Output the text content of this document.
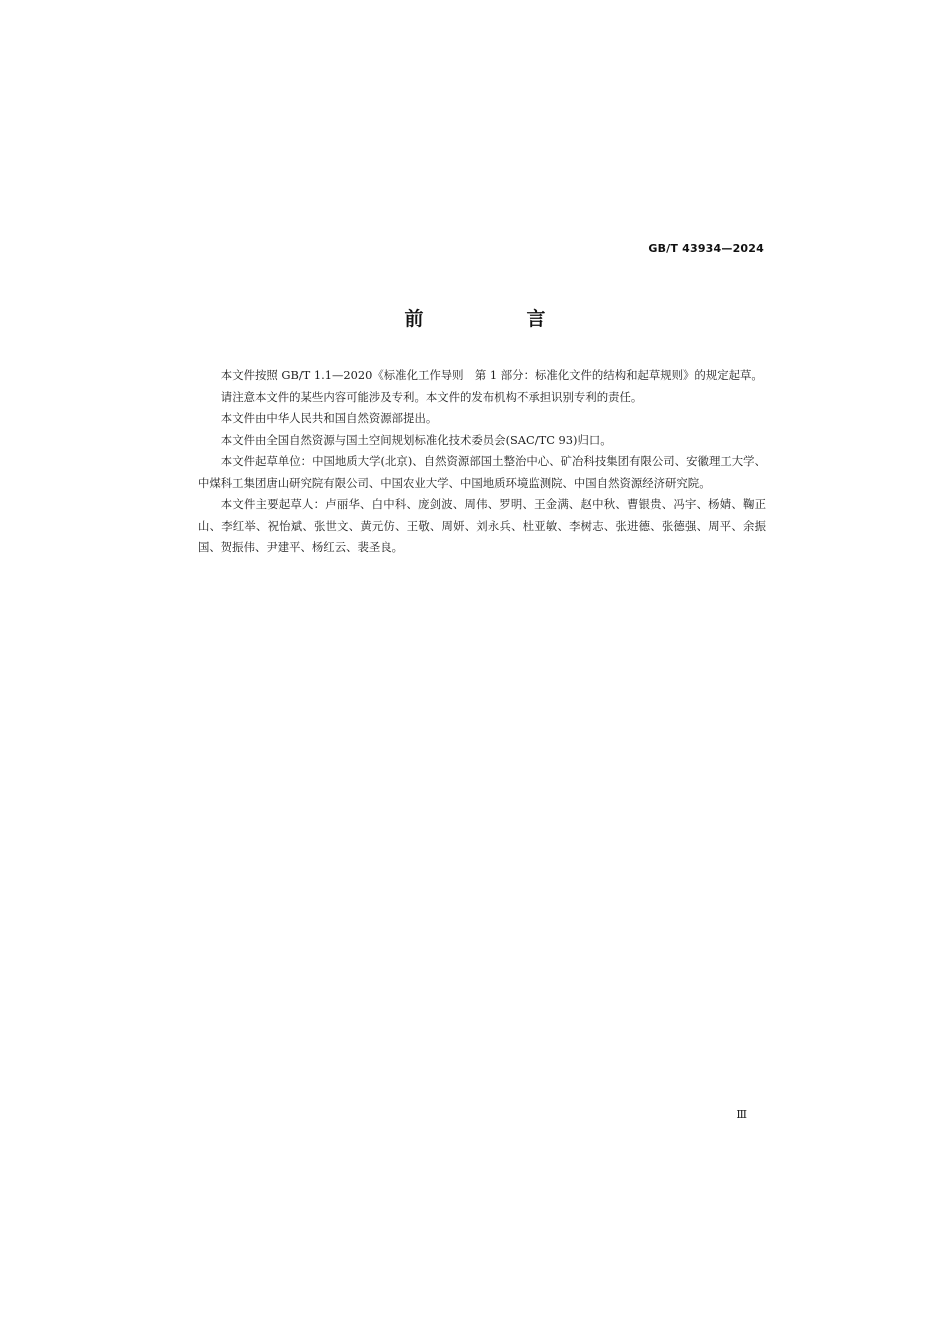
GB/T 43934—2024
前　言

本文件按照 GB/T 1.1—2020《标准化工作导则　第 1 部分：标准化文件的结构和起草规则》的规定起草。

请注意本文件的某些内容可能涉及专利。本文件的发布机构不承担识别专利的责任。

本文件由中华人民共和国自然资源部提出。

本文件由全国自然资源与国土空间规划标准化技术委员会(SAC/TC 93)归口。

本文件起草单位：中国地质大学(北京)、自然资源部国土整治中心、矿冶科技集团有限公司、安徽理工大学、中煤科工集团唐山研究院有限公司、中国农业大学、中国地质环境监测院、中国自然资源经济研究院。

本文件主要起草人：卢丽华、白中科、庞剑波、周伟、罗明、王金满、赵中秋、曹银贵、冯宇、杨婧、鞠正山、李红举、祝怡斌、张世文、黄元仿、王敬、周妍、刘永兵、杜亚敏、李树志、张进德、张德强、周平、余振国、贺振伟、尹建平、杨红云、裴圣良。

Ⅲ
